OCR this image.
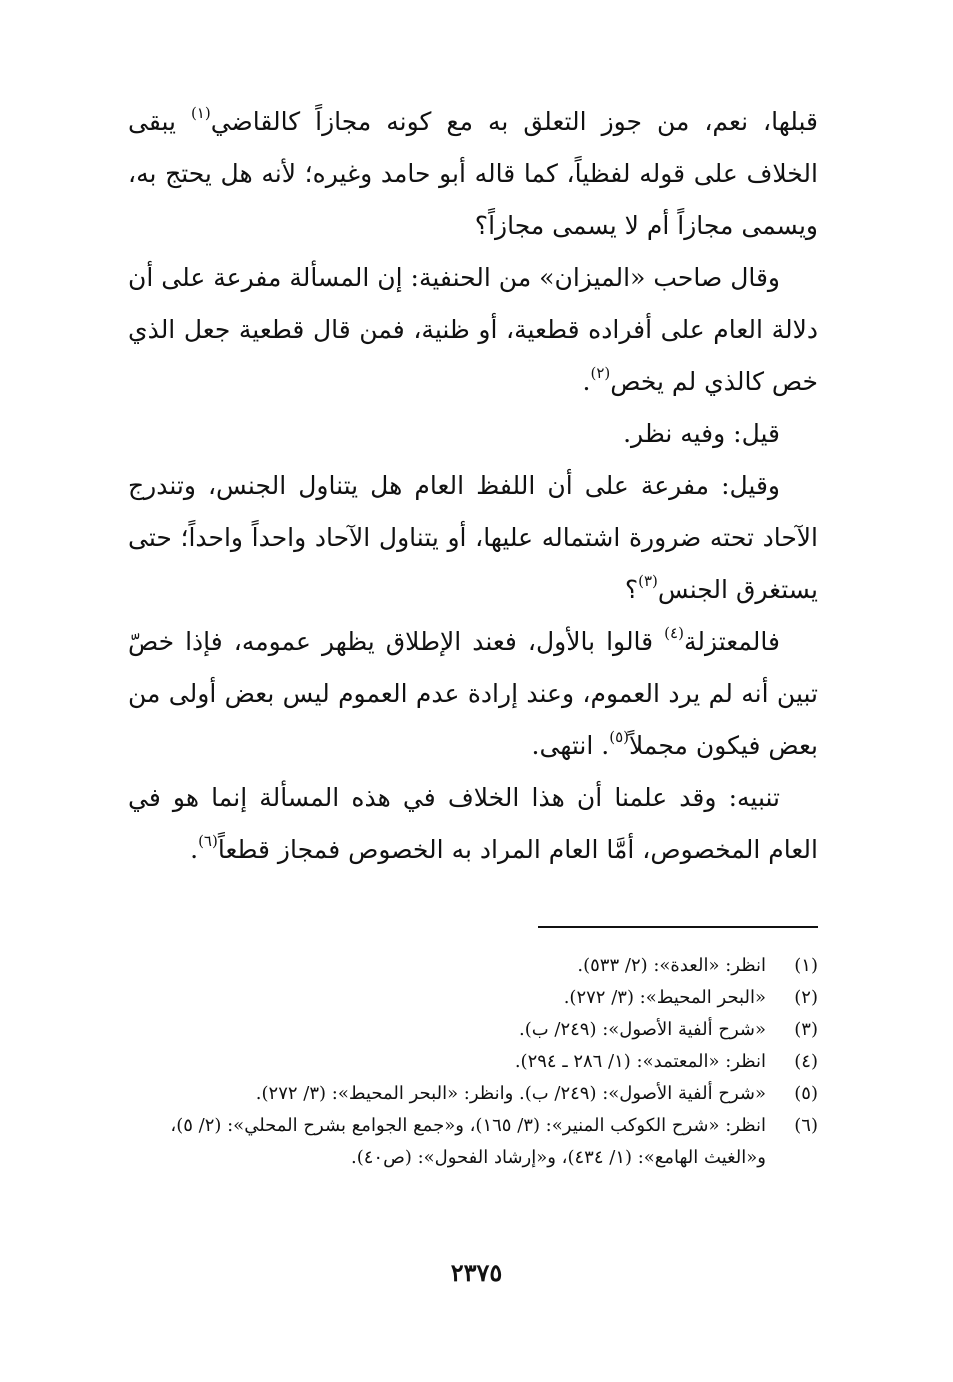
قبلها، نعم، من جوز التعلق به مع كونه مجازاً كالقاضي$^{(١)}$ يبقى الخلاف على قوله لفظياً، كما قاله أبو حامد وغيره؛ لأنه هل يحتج به، ويسمى مجازاً أم لا يسمى مجازاً؟

وقال صاحب «الميزان» من الحنفية: إن المسألة مفرعة على أن دلالة العام على أفراده قطعية، أو ظنية، فمن قال قطعية جعل الذي خص كالذي لم يخص$^{(٢)}$.

قيل: وفيه نظر.

وقيل: مفرعة على أن اللفظ العام هل يتناول الجنس، وتندرج الآحاد تحته ضرورة اشتماله عليها، أو يتناول الآحاد واحداً واحداً؛ حتى يستغرق الجنس$^{(٣)}$؟

فالمعتزلة$^{(٤)}$ قالوا بالأول، فعند الإطلاق يظهر عمومه، فإذا خصّ تبين أنه لم يرد العموم، وعند إرادة عدم العموم ليس بعض أولى من بعض فيكون مجملاً$^{(٥)}$. انتهى.

تنبيه: وقد علمنا أن هذا الخلاف في هذه المسألة إنما هو في العام المخصوص، أمَّا العام المراد به الخصوص فمجاز قطعاً$^{(٦)}$.

(١)
انظر: «العدة»: (٢/ ٥٣٣).
(٢)
«البحر المحيط»: (٣/ ٢٧٢).
(٣)
«شرح ألفية الأصول»: (٢٤٩/ ب).
(٤)
انظر: «المعتمد»: (١/ ٢٨٦ ـ ٢٩٤).
(٥)
«شرح ألفية الأصول»: (٢٤٩/ ب). وانظر: «البحر المحيط»: (٣/ ٢٧٢).
(٦)
انظر: «شرح الكوكب المنير»: (٣/ ١٦٥)، و«جمع الجوامع بشرح المحلي»: (٢/ ٥)، و«الغيث الهامع»: (١/ ٤٣٤)، و«إرشاد الفحول»: (ص٤٠).
٢٣٧٥
